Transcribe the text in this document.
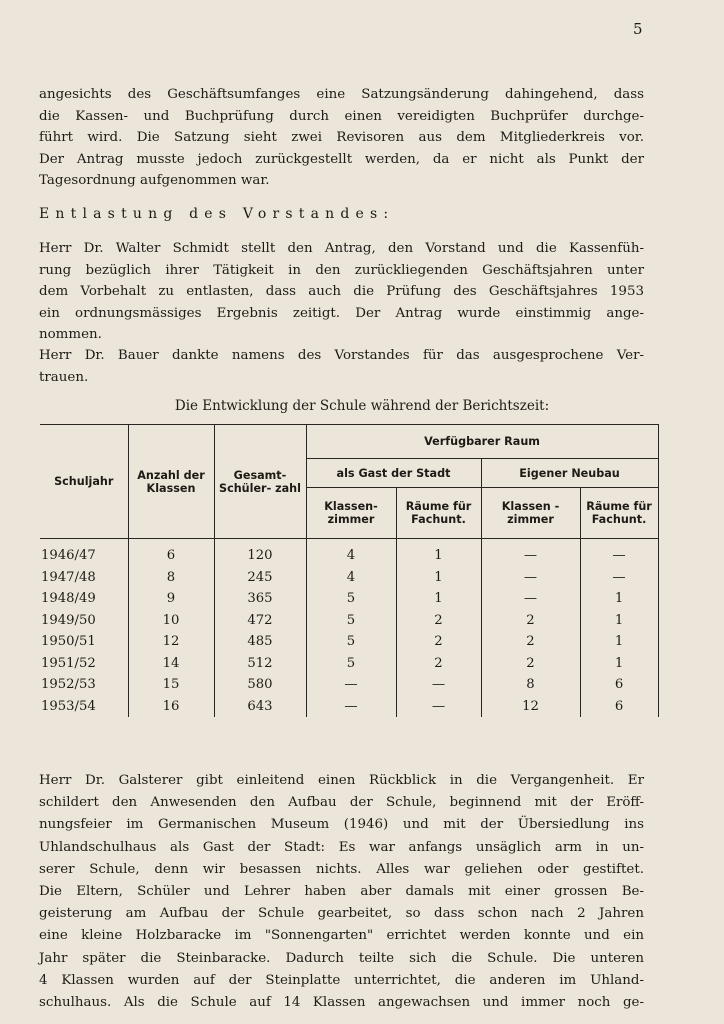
5

angesichts des Geschäftsumfanges eine Satzungsänderung dahingehend, dass

die Kassen- und Buchprüfung durch einen vereidigten Buchprüfer durchge-

führt wird. Die Satzung sieht zwei Revisoren aus dem Mitgliederkreis vor.

Der Antrag musste jedoch zurückgestellt werden, da er nicht als Punkt der

Tagesordnung aufgenommen war.

Entlastung des Vorstandes:

Herr Dr. Walter Schmidt stellt den Antrag, den Vorstand und die Kassenfüh-

rung bezüglich ihrer Tätigkeit in den zurückliegenden Geschäftsjahren unter

dem Vorbehalt zu entlasten, dass auch die Prüfung des Geschäftsjahres 1953

ein ordnungsmässiges Ergebnis zeitigt. Der Antrag wurde einstimmig ange-

nommen.

Herr Dr. Bauer dankte namens des Vorstandes für das ausgesprochene Ver-

trauen.

Die Entwicklung der Schule während der Berichtszeit:

Schuljahr	Anzahl der Klassen	Gesamt- Schüler- zahl	Verfügbarer Raum			
			als Gast der Stadt		Eigener Neubau	
			Klassen- zimmer	Räume für Fachunt.	Klassen - zimmer	Räume für Fachunt.
1946/47	6	120	4	1	—	—
1947/48	8	245	4	1	—	—
1948/49	9	365	5	1	—	1
1949/50	10	472	5	2	2	1
1950/51	12	485	5	2	2	1
1951/52	14	512	5	2	2	1
1952/53	15	580	—	—	8	6
1953/54	16	643	—	—	12	6

Herr Dr. Galsterer gibt einleitend einen Rückblick in die Vergangenheit. Er

schildert den Anwesenden den Aufbau der Schule, beginnend mit der Eröff-

nungsfeier im Germanischen Museum (1946) und mit der Übersiedlung ins

Uhlandschulhaus als Gast der Stadt: Es war anfangs unsäglich arm in un-

serer Schule, denn wir besassen nichts. Alles war geliehen oder gestiftet.

Die Eltern, Schüler und Lehrer haben aber damals mit einer grossen Be-

geisterung am Aufbau der Schule gearbeitet, so dass schon nach 2 Jahren

eine kleine Holzbaracke im "Sonnengarten" errichtet werden konnte und ein

Jahr später die Steinbaracke. Dadurch teilte sich die Schule. Die unteren

4 Klassen wurden auf der Steinplatte unterrichtet, die anderen im Uhland-

schulhaus. Als die Schule auf 14 Klassen angewachsen und immer noch ge-
